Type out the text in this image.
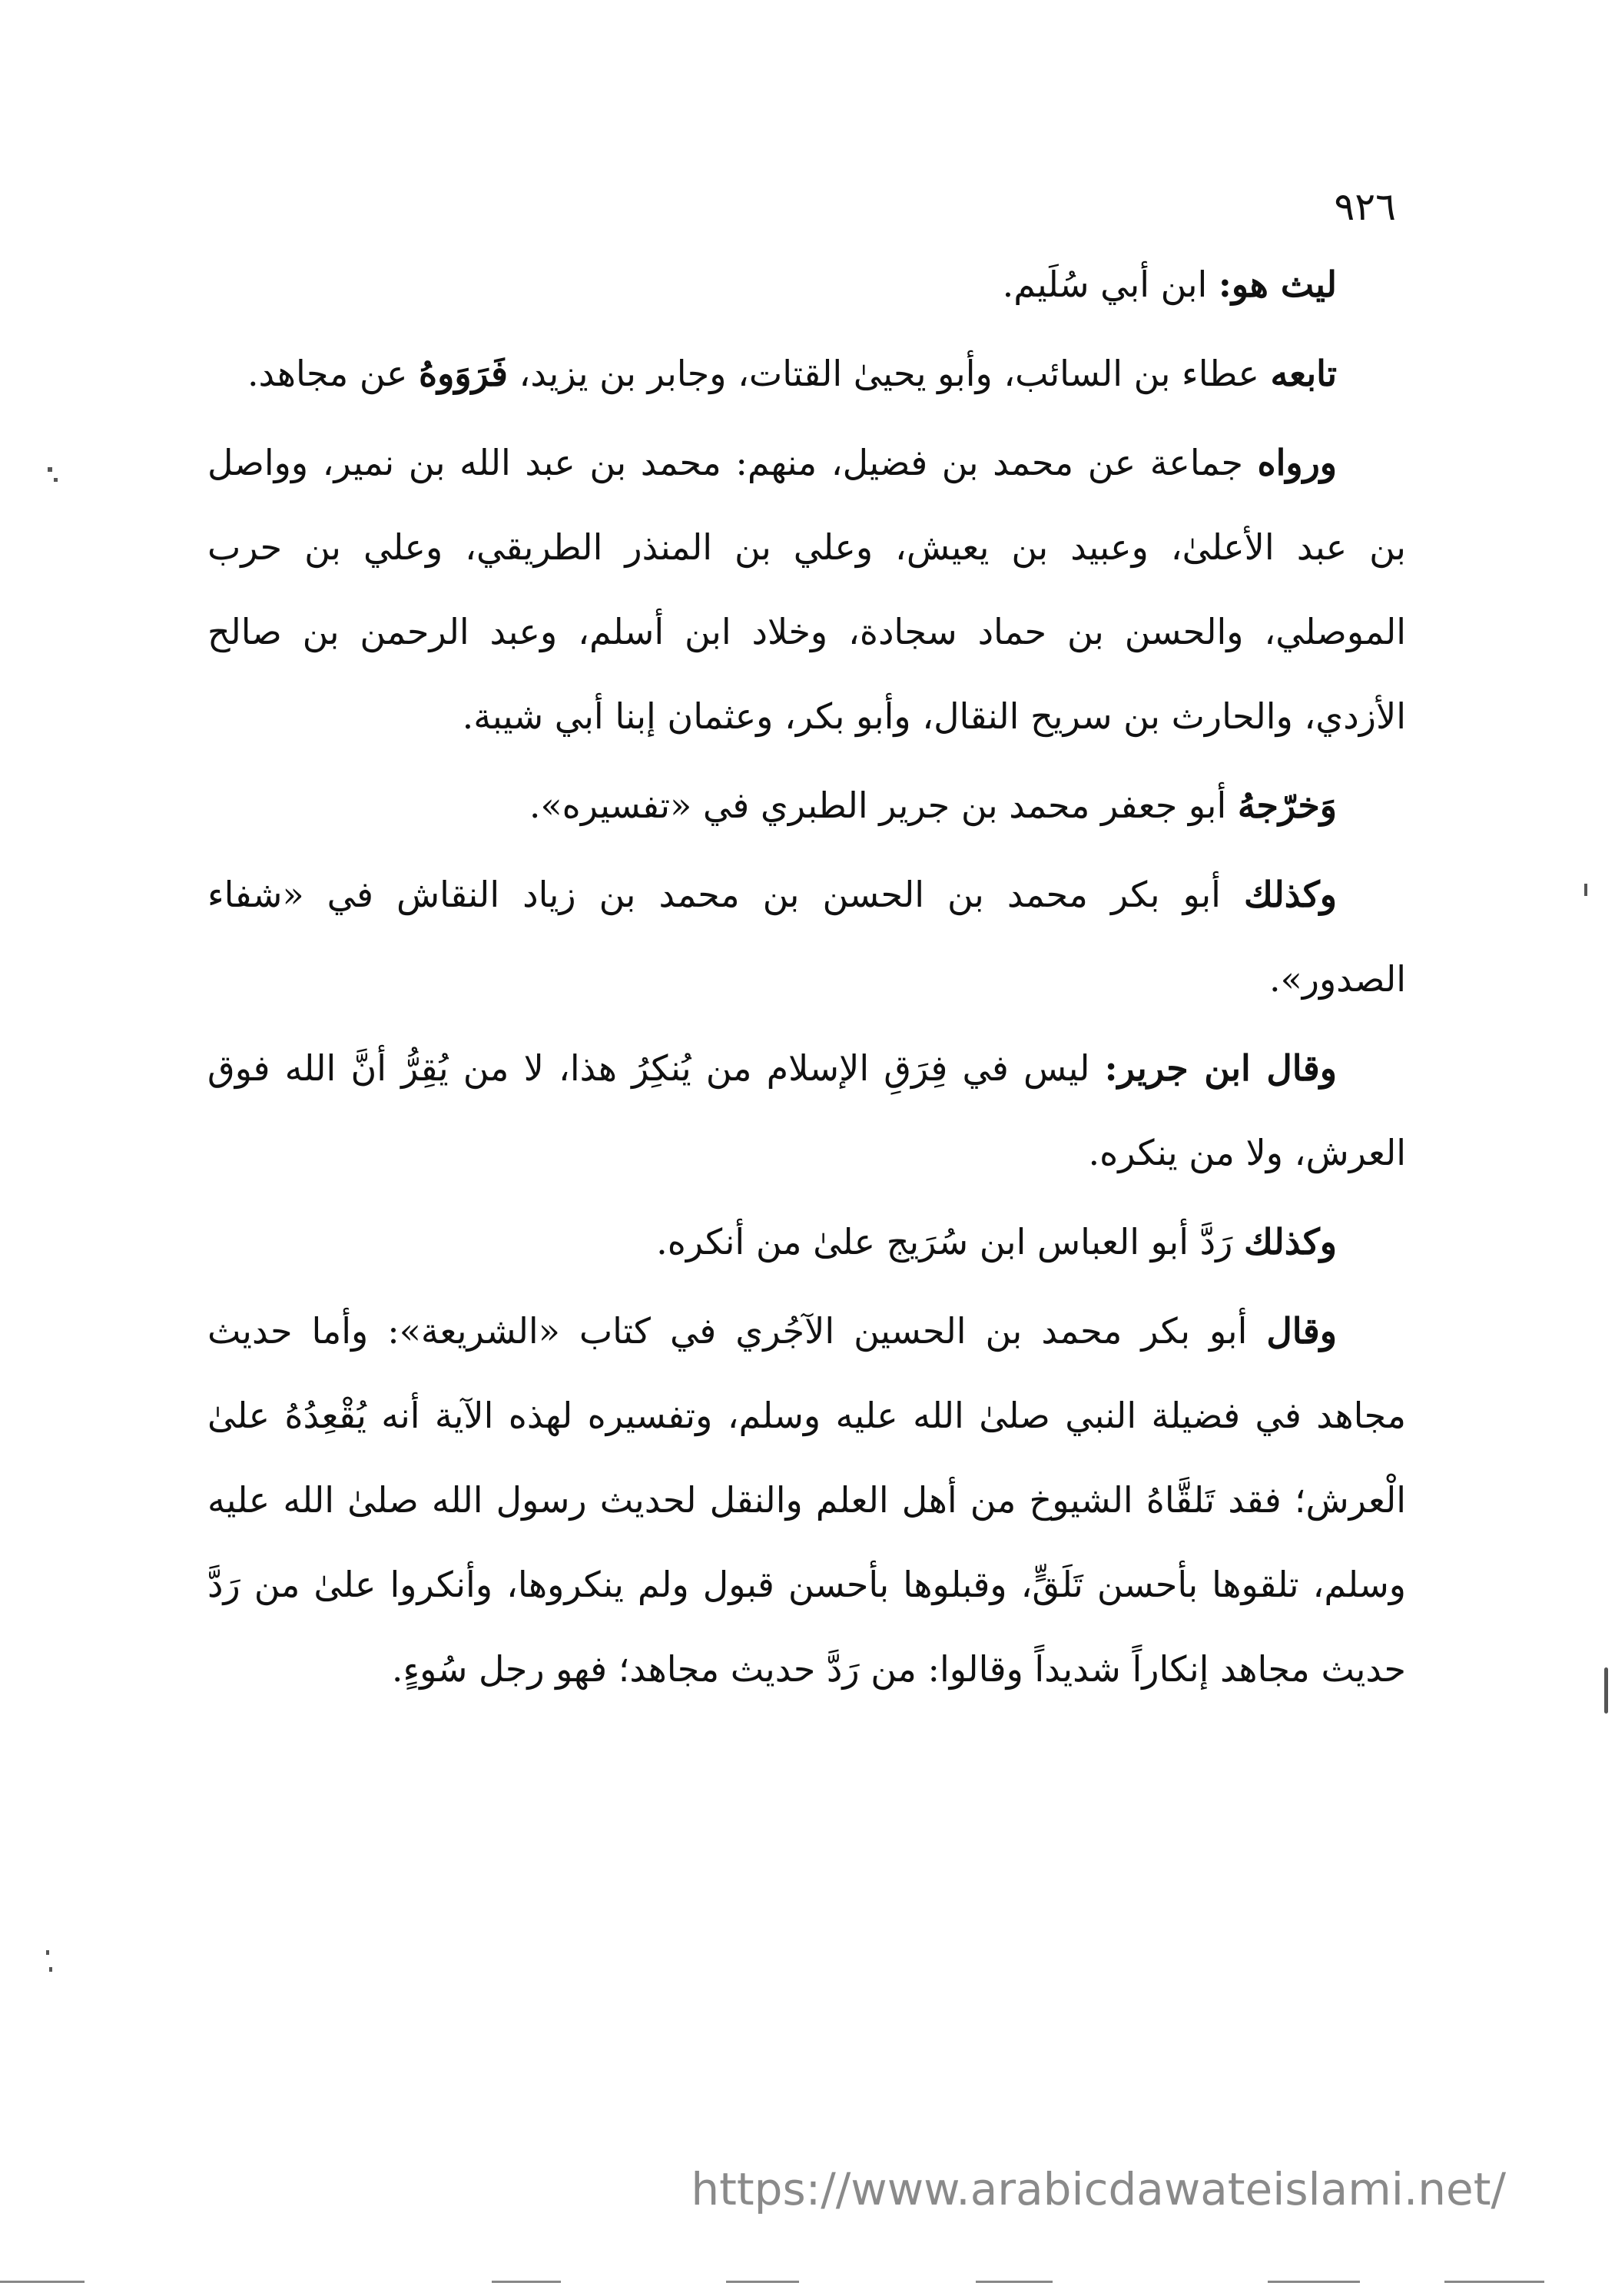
٩٢٦

ليث هو: ابن أبي سُلَيم.

تابعه عطاء بن السائب، وأبو يحيىٰ القتات، وجابر بن يزيد، فَرَوَوهُ عن مجاهد.

ورواه جماعة عن محمد بن فضيل، منهم: محمد بن عبد الله بن نمير، وواصل بن عبد الأعلىٰ، وعبيد بن يعيش، وعلي بن المنذر الطريقي، وعلي بن حرب الموصلي، والحسن بن حماد سجادة، وخلاد ابن أسلم، وعبد الرحمن بن صالح الأزدي، والحارث بن سريح النقال، وأبو بكر، وعثمان إبنا أبي شيبة.

وَخرّجهُ أبو جعفر محمد بن جرير الطبري في «تفسيره».

وكذلك أبو بكر محمد بن الحسن بن محمد بن زياد النقاش في «شفاء الصدور».

وقال ابن جرير: ليس في فِرَقِ الإسلام من يُنكِرُ هذا، لا من يُقِرُّ أنَّ الله فوق العرش، ولا من ينكره.

وكذلك رَدَّ أبو العباس ابن سُرَيج علىٰ من أنكره.

وقال أبو بكر محمد بن الحسين الآجُري في كتاب «الشريعة»: وأما حديث مجاهد في فضيلة النبي صلىٰ الله عليه وسلم، وتفسيره لهذه الآية أنه يُقْعِدُهُ علىٰ الْعرش؛ فقد تَلقَّاهُ الشيوخ من أهل العلم والنقل لحديث رسول الله صلىٰ الله عليه وسلم، تلقوها بأحسن تَلَقٍّ، وقبلوها بأحسن قبول ولم ينكروها، وأنكروا علىٰ من رَدَّ حديث مجاهد إنكاراً شديداً وقالوا: من رَدَّ حديث مجاهد؛ فهو رجل سُوءٍ.

https://www.arabicdawateislami.net/
